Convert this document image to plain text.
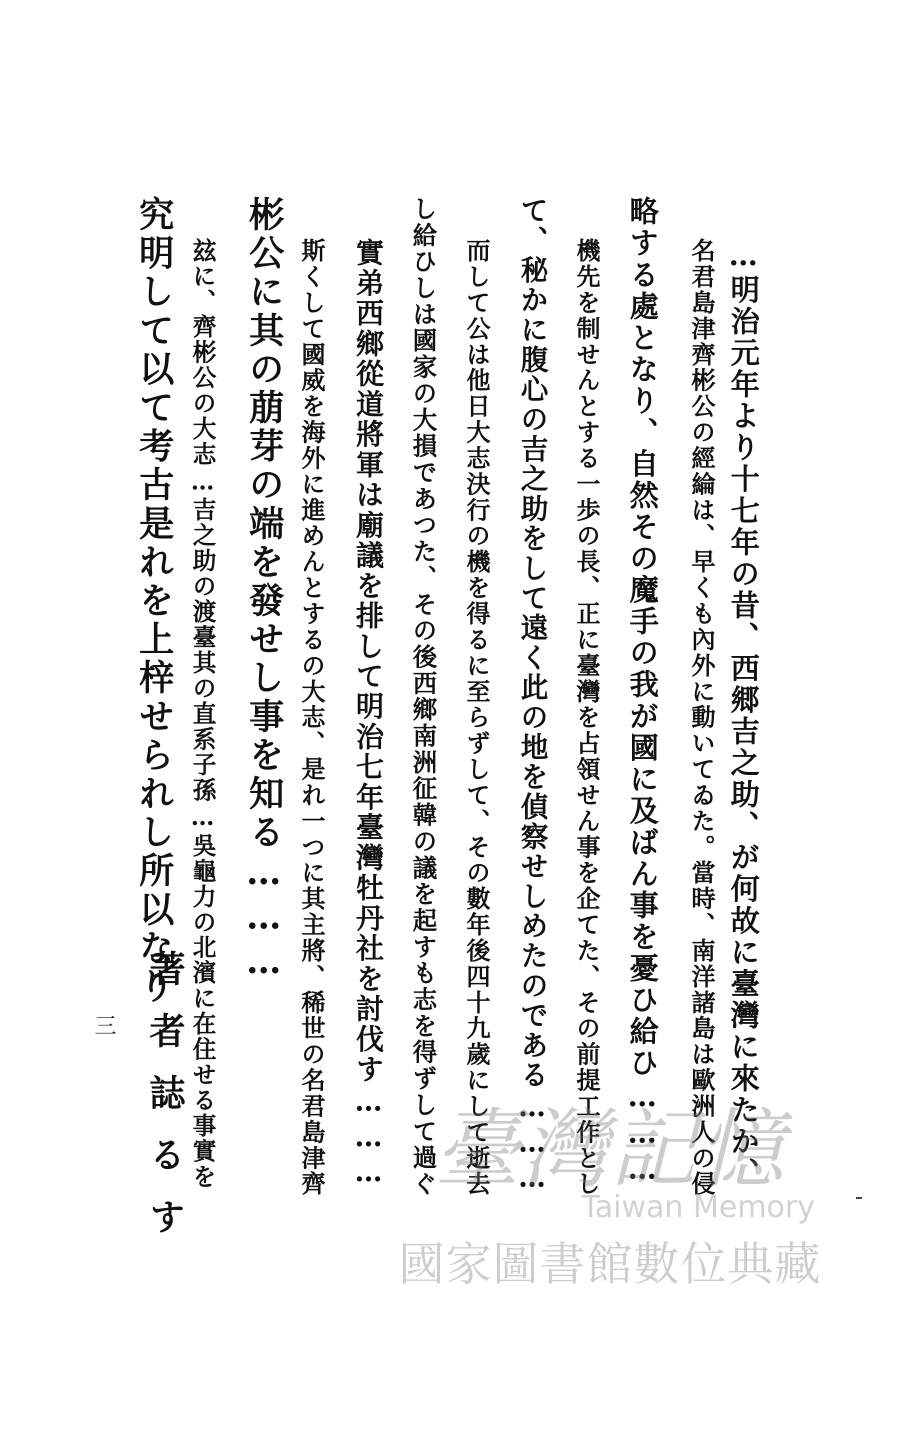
…明治元年より十七年の昔、西郷吉之助、が何故に臺灣に來たか、
名君島津齊彬公の經綸は、早くも內外に動いてゐた。當時、南洋諸島は歐洲人の侵
略する處となり、自然その魔手の我が國に及ばん事を憂ひ給ひ………
機先を制せんとする一歩の長、正に臺灣を占領せん事を企てた、その前提工作とし
て、秘かに腹心の吉之助をして遠く此の地を偵察せしめたのである………
而して公は他日大志決行の機を得るに至らずして、その數年後四十九歲にして逝去
し給ひしは國家の大損であつた、その後西鄉南洲征韓の議を起すも志を得ずして過ぐ
實弟西鄉從道將軍は廟議を排して明治七年臺灣牡丹社を討伐す………
斯くして國威を海外に進めんとするの大志、是れ一つに其主將、稀世の名君島津齊
彬公に其の萠芽の端を發せし事を知る………
玆に、齊彬公の大志…吉之助の渡臺其の直系子孫…吳龜力の北濱に在住せる事實を
究明して以て考古是れを上梓せられし所以なり
著者誌るす
三
臺灣記憶
Taiwan Memory
國家圖書館數位典藏
